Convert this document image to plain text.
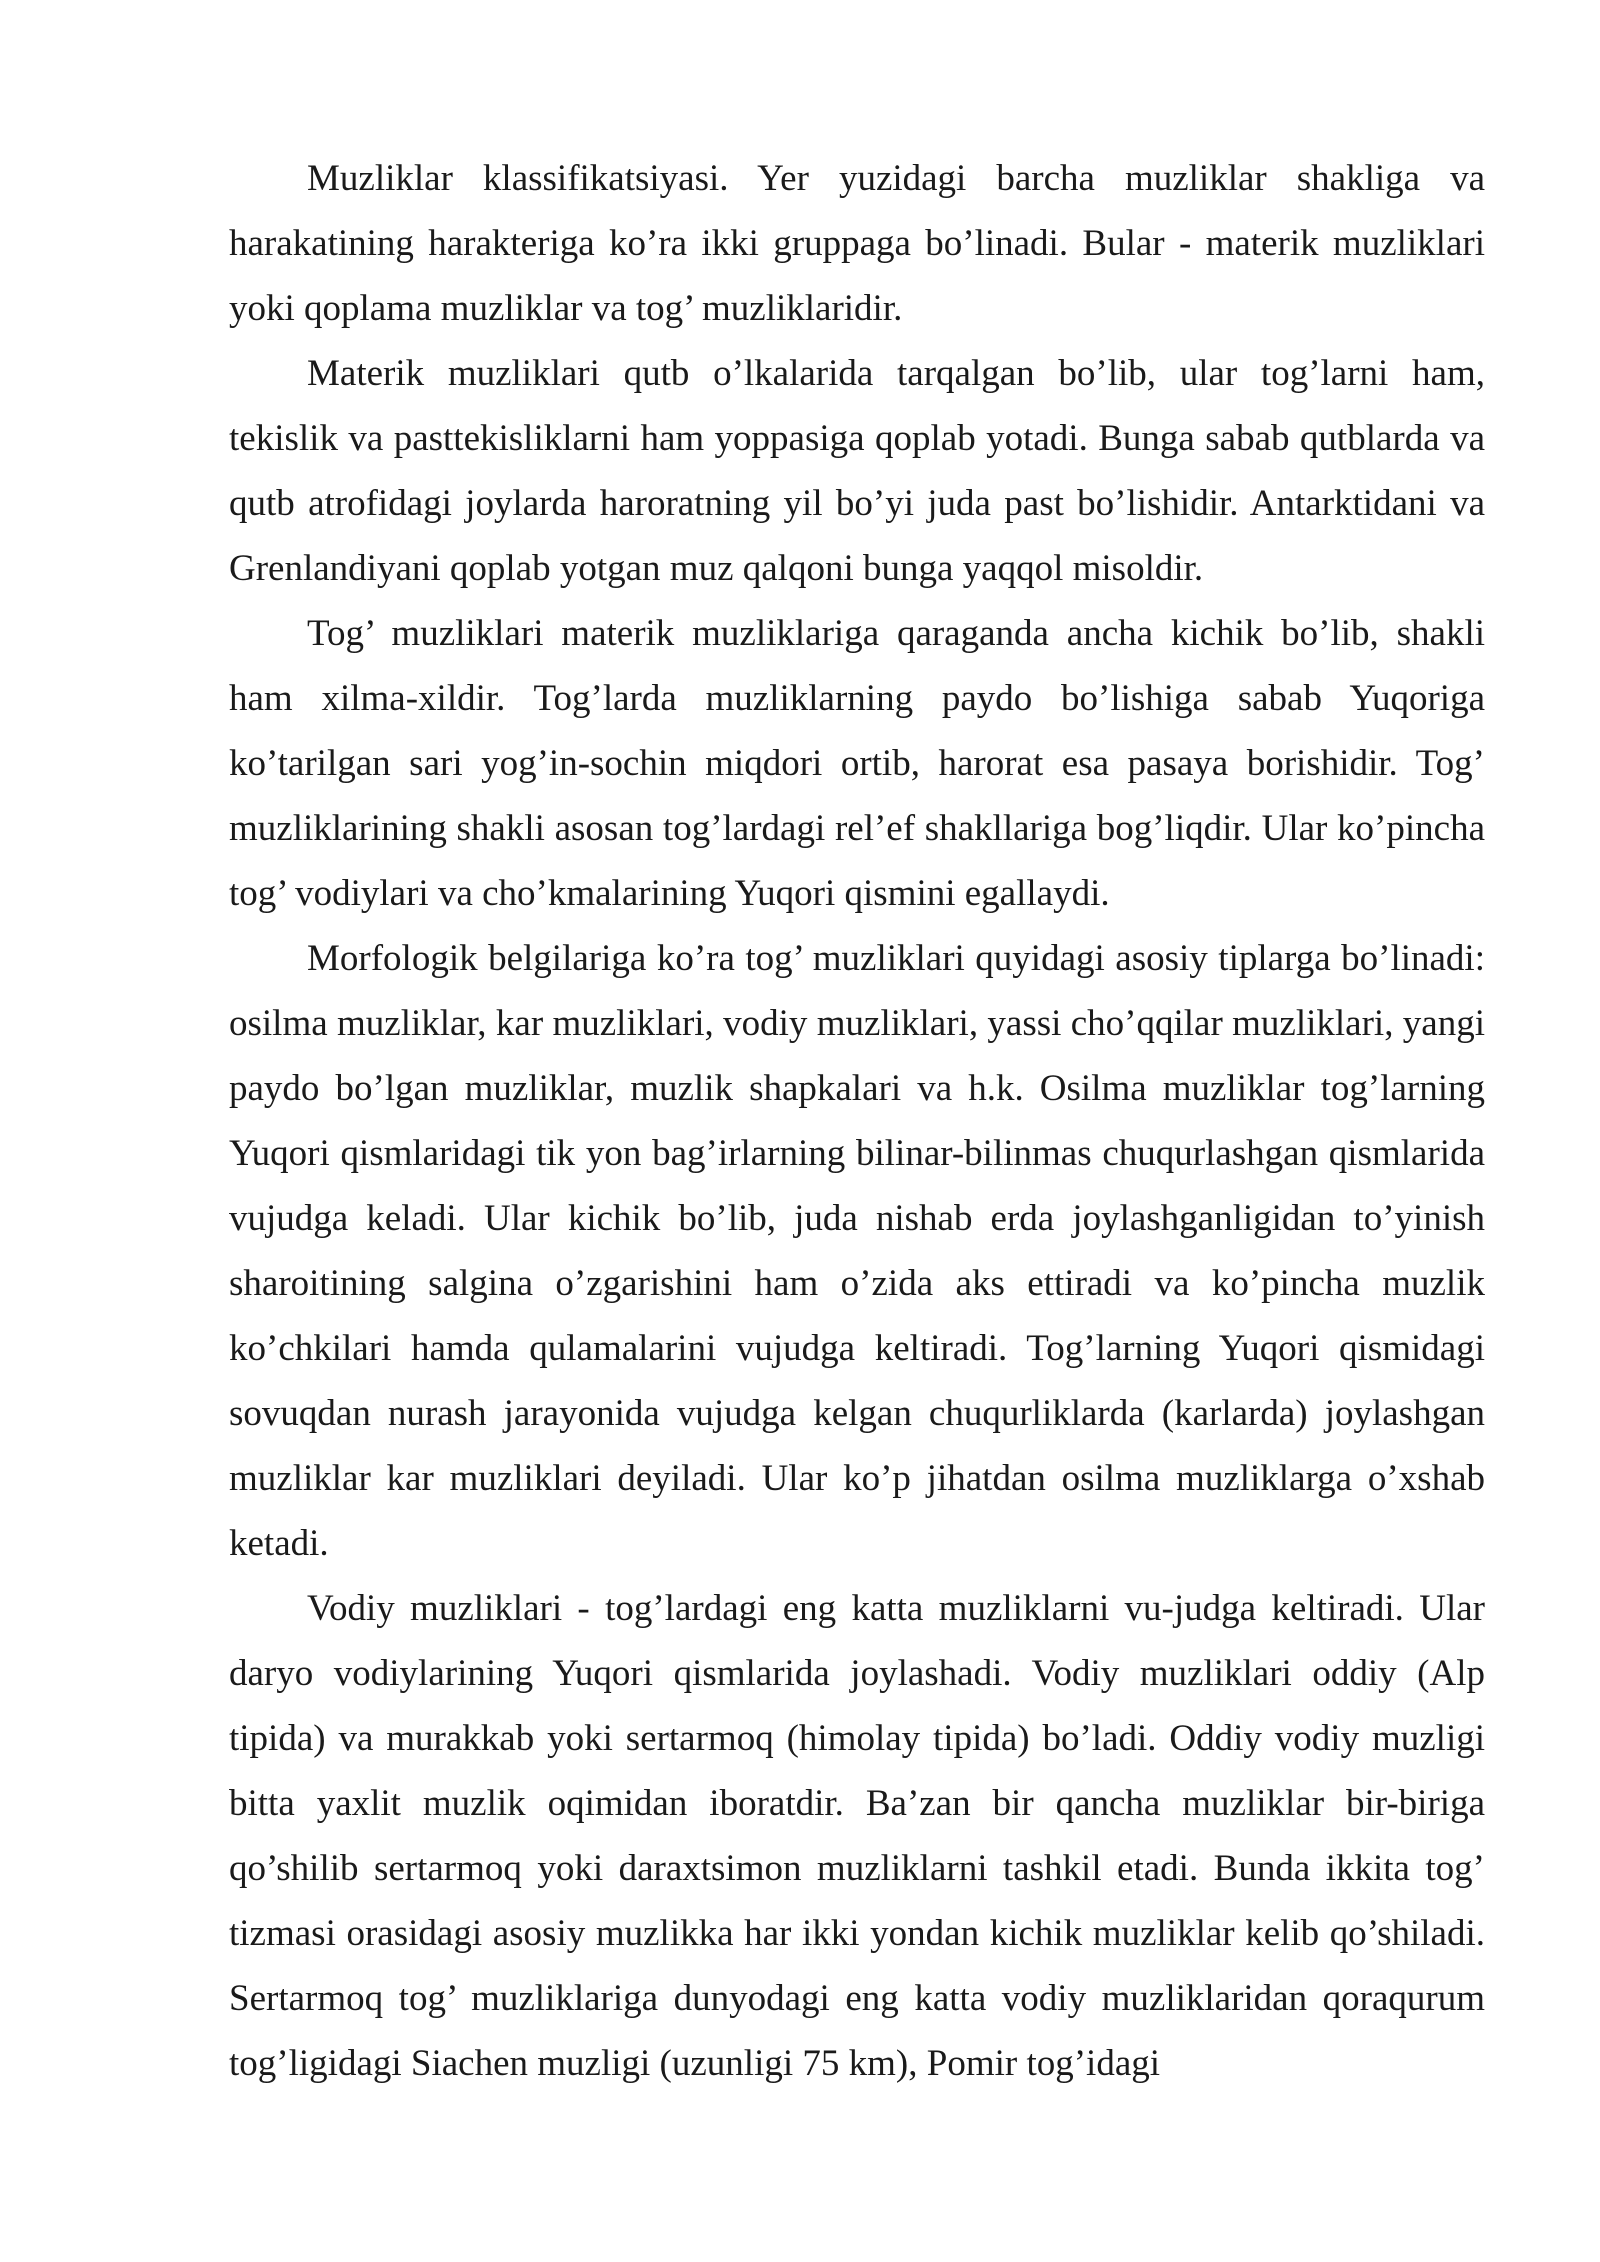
Muzliklar klassifikatsiyasi. Yer yuzidagi barcha muzliklar shakliga va harakatining harakteriga ko’ra ikki gruppaga bo’linadi. Bular - materik muzliklari yoki qoplama muzliklar va tog’ muzliklaridir.

Materik muzliklari qutb o’lkalarida tarqalgan bo’lib, ular tog’larni ham, tekislik va pasttekisliklarni ham yoppasiga qoplab yotadi. Bunga sabab qutblarda va qutb atrofidagi joylarda haroratning yil bo’yi juda past bo’lishidir. Antarktidani va Grenlandiyani qoplab yotgan muz qalqoni bunga yaqqol misoldir.

Tog’ muzliklari materik muzliklariga qaraganda ancha kichik bo’lib, shakli ham xilma-xildir. Tog’larda muzliklarning paydo bo’lishiga sabab Yuqoriga ko’tarilgan sari yog’in-sochin miqdori ortib, harorat esa pasaya borishidir. Tog’ muzliklarining shakli asosan tog’lardagi rel’ef shakllariga bog’liqdir. Ular ko’pincha tog’ vodiylari va cho’kmalarining Yuqori qismini egallaydi.

Morfologik belgilariga ko’ra tog’ muzliklari quyidagi asosiy tiplarga bo’linadi: osilma muzliklar, kar muzliklari, vodiy muzliklari, yassi cho’qqilar muzliklari, yangi paydo bo’lgan muzliklar, muzlik shapkalari va h.k. Osilma muzliklar tog’larning Yuqori qismlaridagi tik yon bag’irlarning bilinar-bilinmas chuqurlashgan qismlarida vujudga keladi. Ular kichik bo’lib, juda nishab erda joylashganligidan to’yinish sharoitining salgina o’zgarishini ham o’zida aks ettiradi va ko’pincha muzlik ko’chkilari hamda qulamalarini vujudga keltiradi. Tog’larning Yuqori qismidagi sovuqdan nurash jarayonida vujudga kelgan chuqurliklarda (karlarda) joylashgan muzliklar kar muzliklari deyiladi. Ular ko’p jihatdan osilma muzliklarga o’xshab ketadi.

Vodiy muzliklari - tog’lardagi eng katta muzliklarni vu-judga keltiradi. Ular daryo vodiylarining Yuqori qismlarida joylashadi. Vodiy muzliklari oddiy (Alp tipida) va murakkab yoki sertarmoq (himolay tipida) bo’ladi. Oddiy vodiy muzligi bitta yaxlit muzlik oqimidan iboratdir. Ba’zan bir qancha muzliklar bir-biriga qo’shilib sertarmoq yoki daraxtsimon muzliklarni tashkil etadi. Bunda ikkita tog’ tizmasi orasidagi asosiy muzlikka har ikki yondan kichik muzliklar kelib qo’shiladi. Sertarmoq tog’ muzliklariga dunyodagi eng katta vodiy muzliklaridan qoraqurum tog’ligidagi Siachen muzligi (uzunligi 75 km), Pomir tog’idagi
